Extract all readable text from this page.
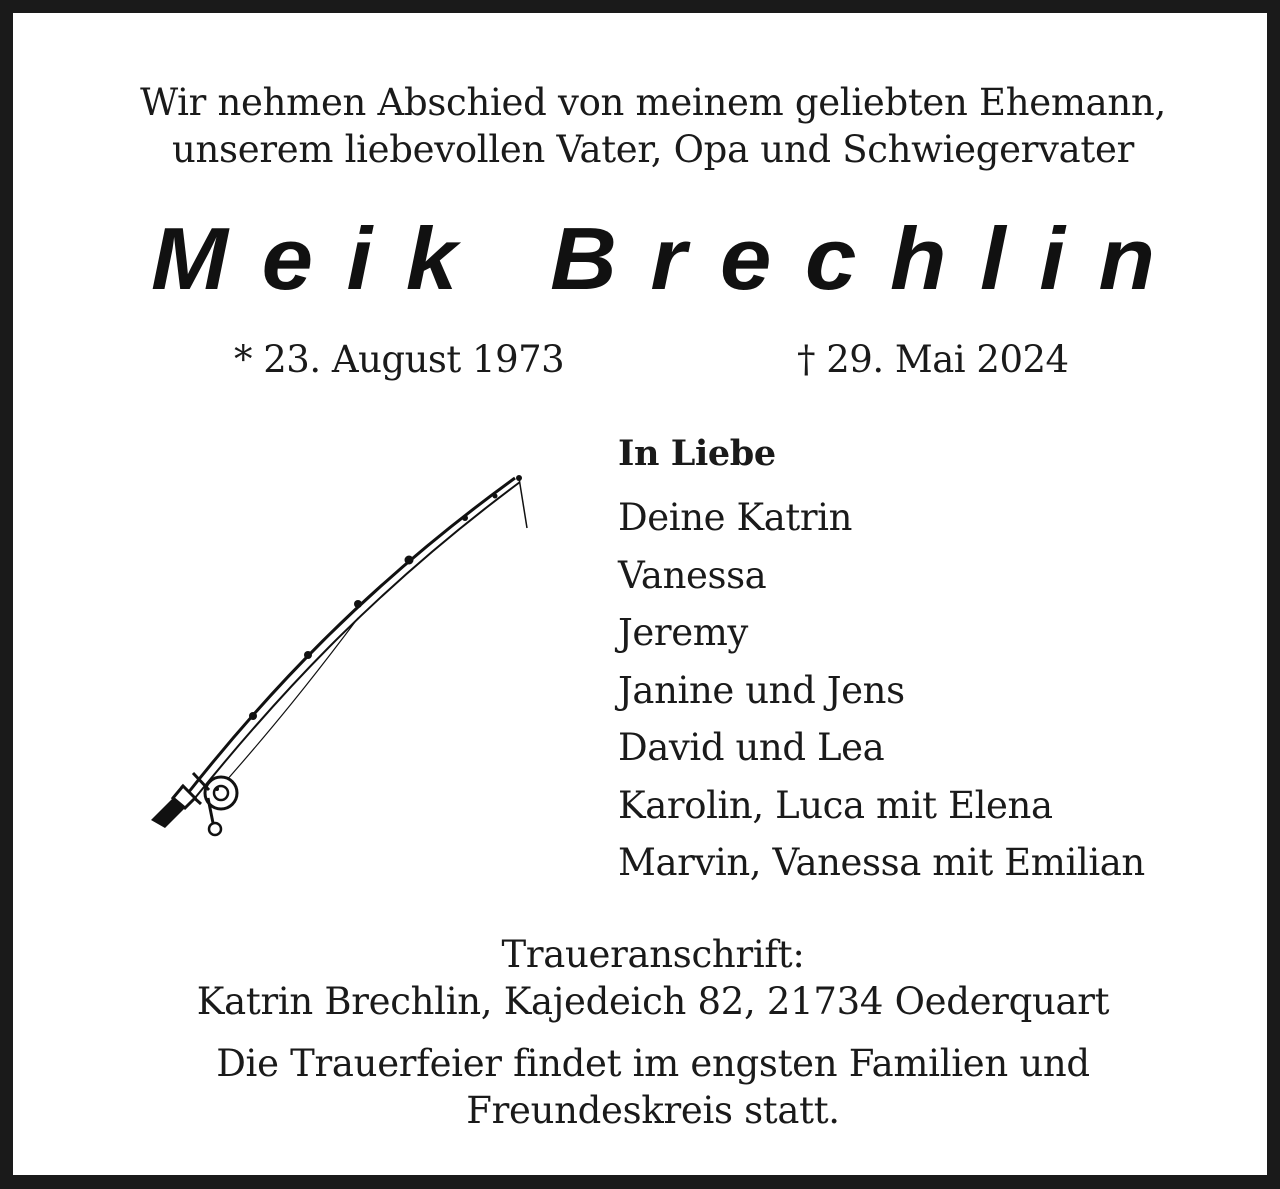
Wir nehmen Abschied von meinem geliebten Ehemann,
unserem liebevollen Vater, Opa und Schwiegervater
Meik Brechlin
* 23. August 1973	† 29. Mai 2024
In Liebe
Deine Katrin
Vanessa
Jeremy
Janine und Jens
David und Lea
Karolin, Luca mit Elena
Marvin, Vanessa mit Emilian
Traueranschrift:
Katrin Brechlin, Kajedeich 82, 21734 Oederquart
Die Trauerfeier findet im engsten Familien und
Freundeskreis statt.
